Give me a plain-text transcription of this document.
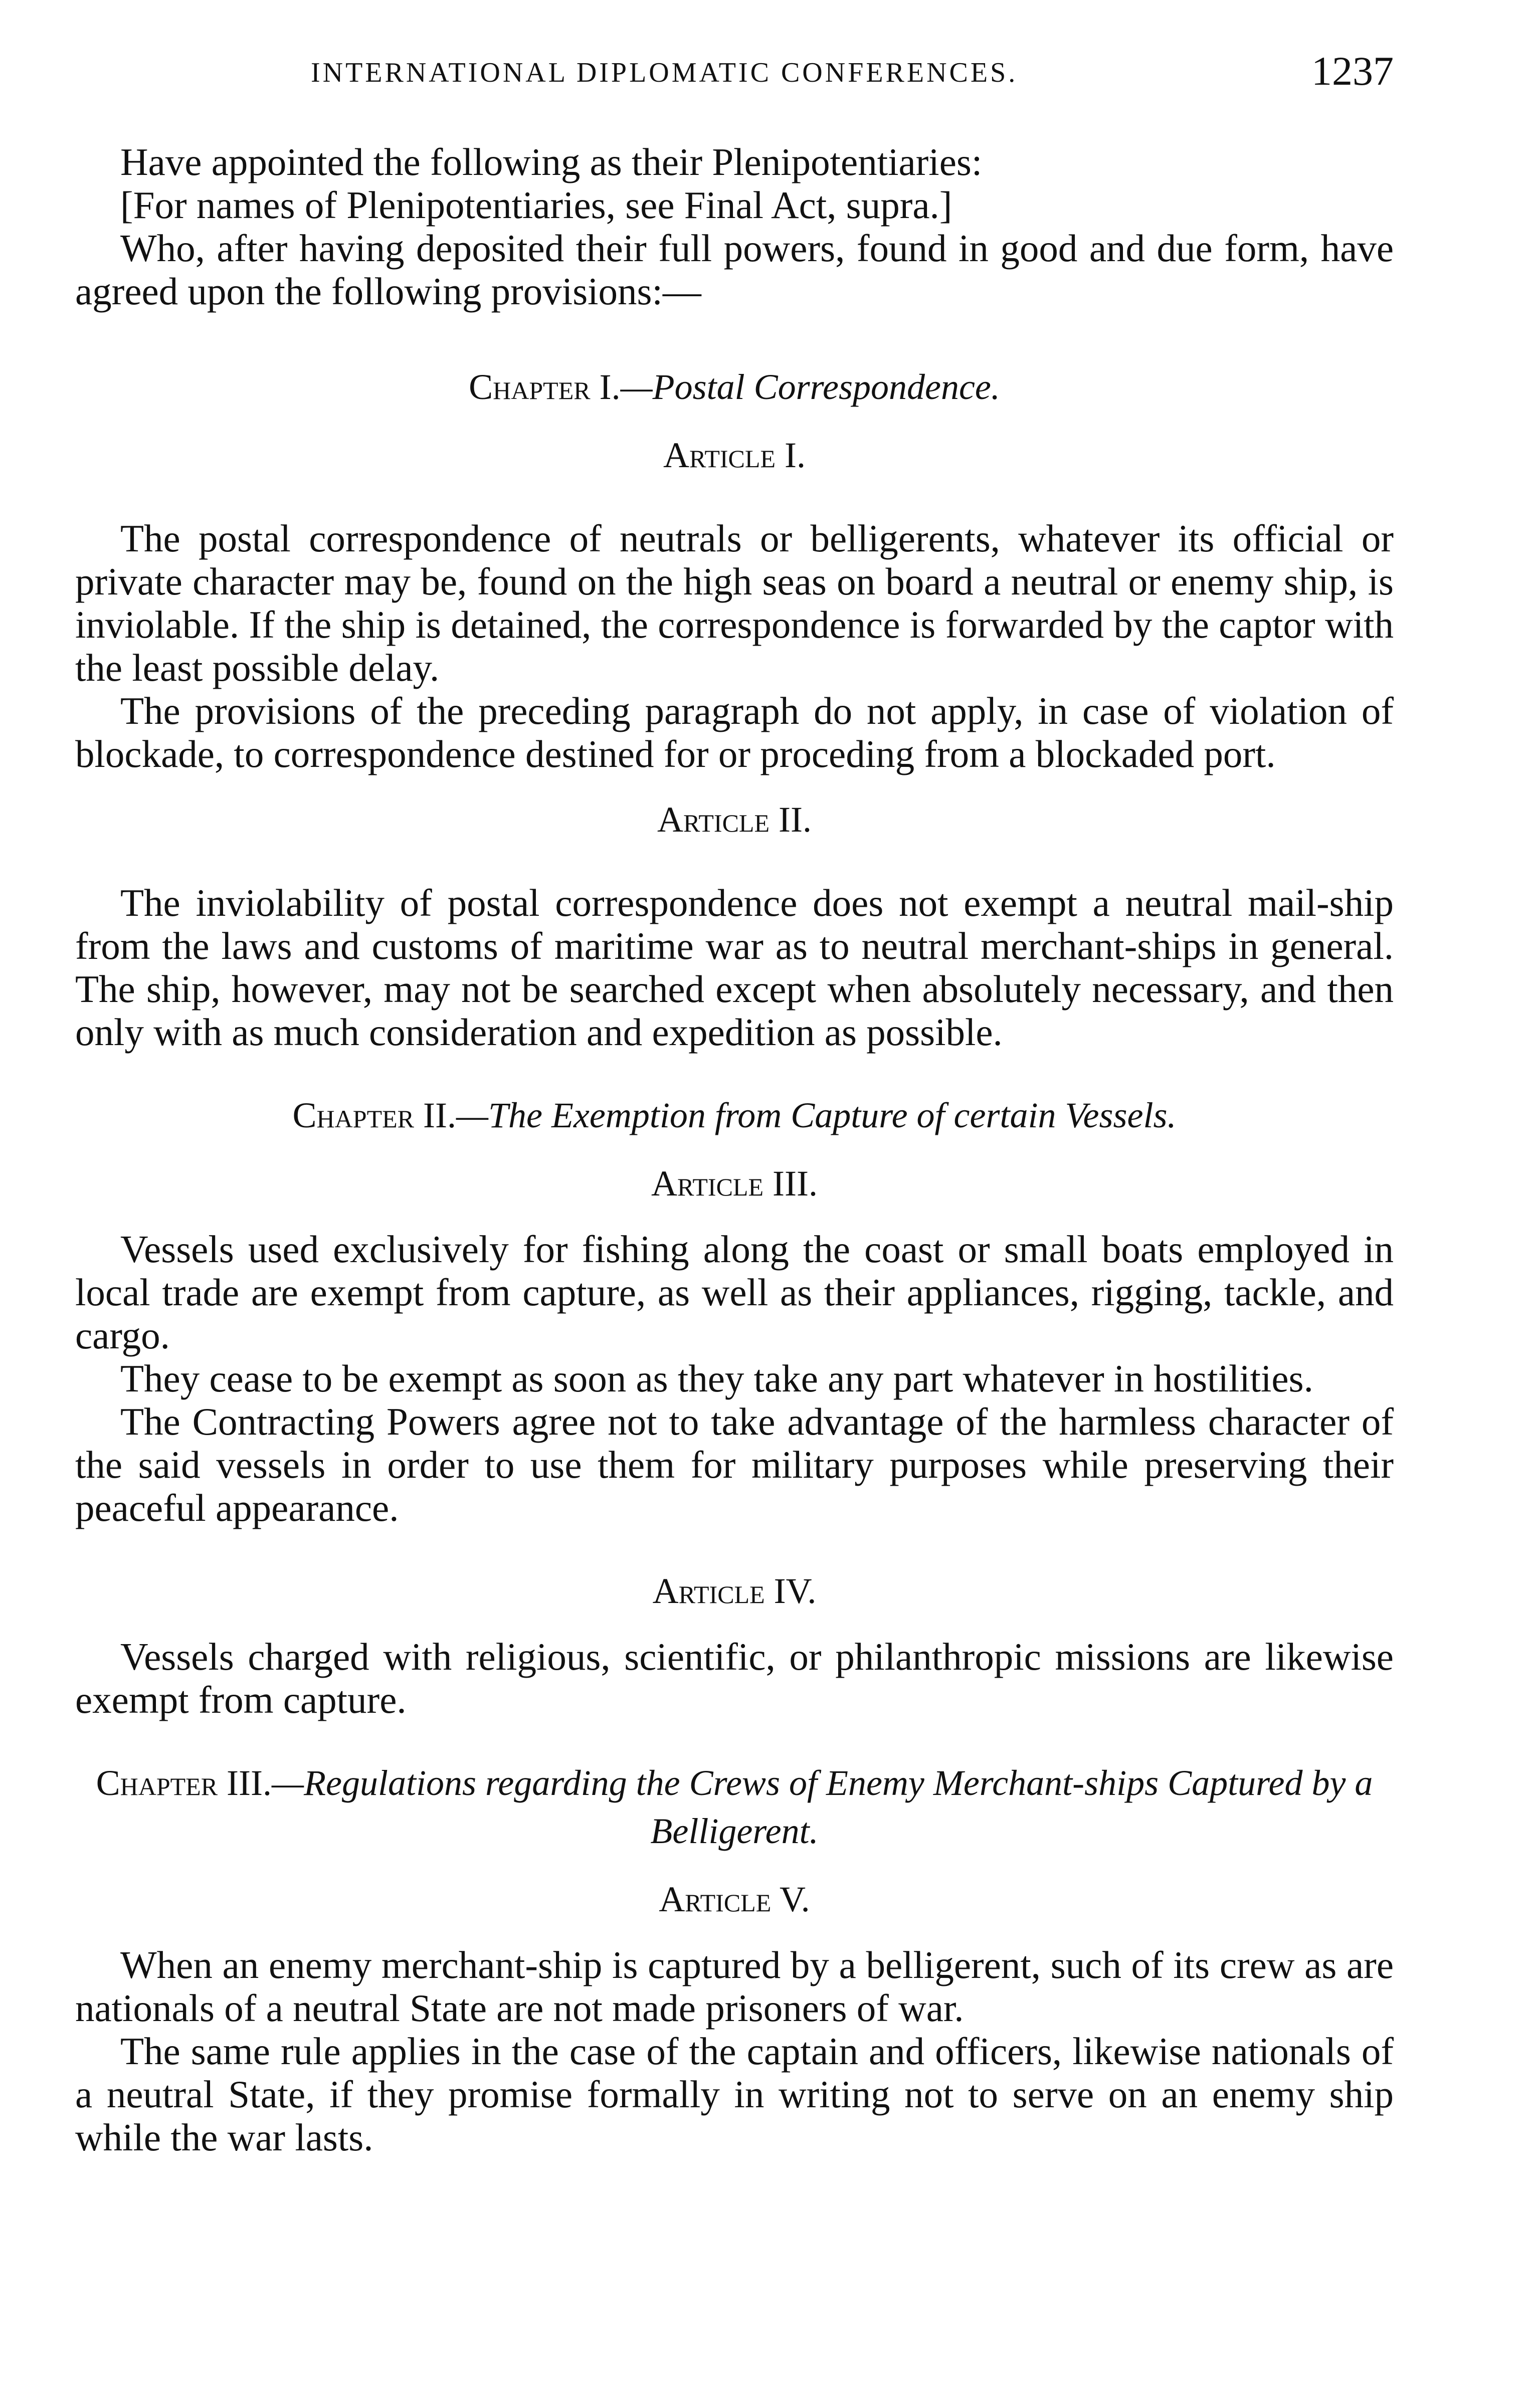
INTERNATIONAL DIPLOMATIC CONFERENCES.	1237

Have appointed the following as their Plenipotentiaries:

[For names of Plenipotentiaries, see Final Act, supra.]

Who, after having deposited their full powers, found in good and due form, have agreed upon the following provisions:—

Chapter I.—Postal Correspondence.

Article I.

The postal correspondence of neutrals or belligerents, whatever its official or private character may be, found on the high seas on board a neutral or enemy ship, is inviolable. If the ship is detained, the correspondence is forwarded by the captor with the least possible delay.

The provisions of the preceding paragraph do not apply, in case of violation of blockade, to correspondence destined for or proceding from a blockaded port.

Article II.

The inviolability of postal correspondence does not exempt a neutral mail-ship from the laws and customs of maritime war as to neutral merchant-ships in general. The ship, however, may not be searched except when absolutely necessary, and then only with as much consideration and expedition as possible.

Chapter II.—The Exemption from Capture of certain Vessels.

Article III.

Vessels used exclusively for fishing along the coast or small boats employed in local trade are exempt from capture, as well as their appliances, rigging, tackle, and cargo.

They cease to be exempt as soon as they take any part whatever in hostilities.

The Contracting Powers agree not to take advantage of the harmless character of the said vessels in order to use them for military purposes while preserving their peaceful appearance.

Article IV.

Vessels charged with religious, scientific, or philanthropic missions are likewise exempt from capture.

Chapter III.—Regulations regarding the Crews of Enemy Merchant-ships Captured by a Belligerent.

Article V.

When an enemy merchant-ship is captured by a belligerent, such of its crew as are nationals of a neutral State are not made prisoners of war.

The same rule applies in the case of the captain and officers, likewise nationals of a neutral State, if they promise formally in writing not to serve on an enemy ship while the war lasts.
